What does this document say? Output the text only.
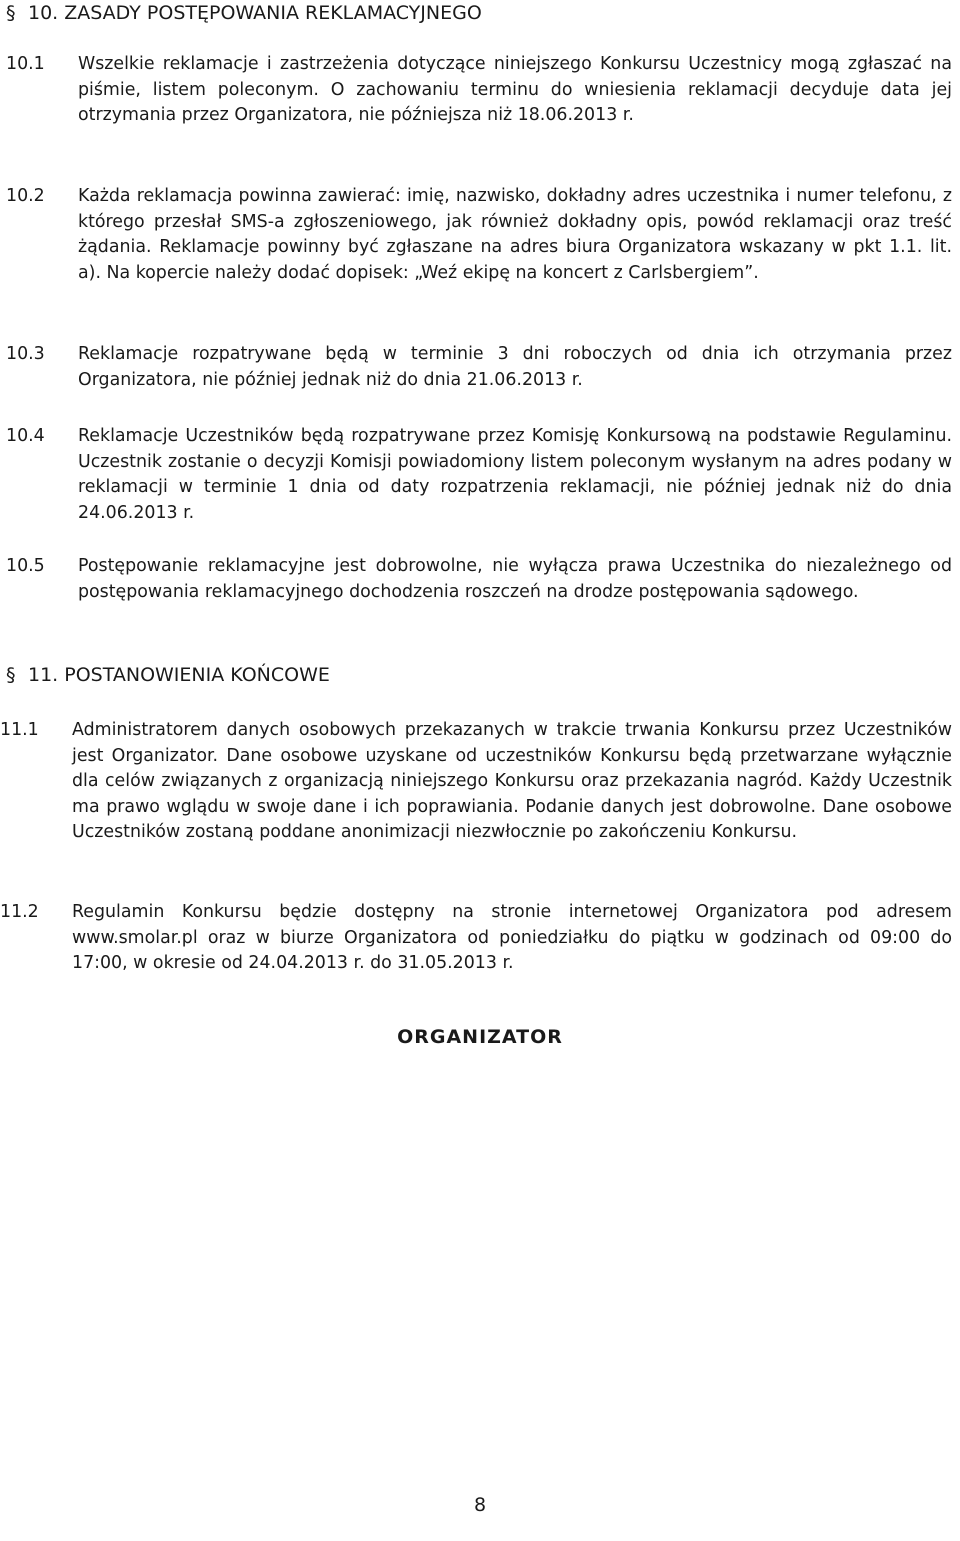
§ 10. ZASADY POSTĘPOWANIA REKLAMACYJNEGO
10.1 Wszelkie reklamacje i zastrzeżenia dotyczące niniejszego Konkursu Uczestnicy mogą zgłaszać na piśmie, listem poleconym. O zachowaniu terminu do wniesienia reklamacji decyduje data jej otrzymania przez Organizatora, nie późniejsza niż 18.06.2013 r.
10.2 Każda reklamacja powinna zawierać: imię, nazwisko, dokładny adres uczestnika i numer telefonu, z którego przesłał SMS-a zgłoszeniowego, jak również dokładny opis, powód reklamacji oraz treść żądania. Reklamacje powinny być zgłaszane na adres biura Organizatora wskazany w pkt 1.1. lit. a). Na kopercie należy dodać dopisek: „Weź ekipę na koncert z Carlsbergiem”.
10.3 Reklamacje rozpatrywane będą w terminie 3 dni roboczych od dnia ich otrzymania przez Organizatora, nie później jednak niż do dnia 21.06.2013 r.
10.4 Reklamacje Uczestników będą rozpatrywane przez Komisję Konkursową na podstawie Regulaminu. Uczestnik zostanie o decyzji Komisji powiadomiony listem poleconym wysłanym na adres podany w reklamacji w terminie 1 dnia od daty rozpatrzenia reklamacji, nie później jednak niż do dnia 24.06.2013 r.
10.5 Postępowanie reklamacyjne jest dobrowolne, nie wyłącza prawa Uczestnika do niezależnego od postępowania reklamacyjnego dochodzenia roszczeń na drodze postępowania sądowego.
§ 11. POSTANOWIENIA KOŃCOWE
11.1 Administratorem danych osobowych przekazanych w trakcie trwania Konkursu przez Uczestników jest Organizator. Dane osobowe uzyskane od uczestników Konkursu będą przetwarzane wyłącznie dla celów związanych z organizacją niniejszego Konkursu oraz przekazania nagród. Każdy Uczestnik ma prawo wglądu w swoje dane i ich poprawiania. Podanie danych jest dobrowolne. Dane osobowe Uczestników zostaną poddane anonimizacji niezwłocznie po zakończeniu Konkursu.
11.2 Regulamin Konkursu będzie dostępny na stronie internetowej Organizatora pod adresem www.smolar.pl oraz w biurze Organizatora od poniedziałku do piątku w godzinach od 09:00 do 17:00, w okresie od 24.04.2013 r. do 31.05.2013 r.
ORGANIZATOR
8
